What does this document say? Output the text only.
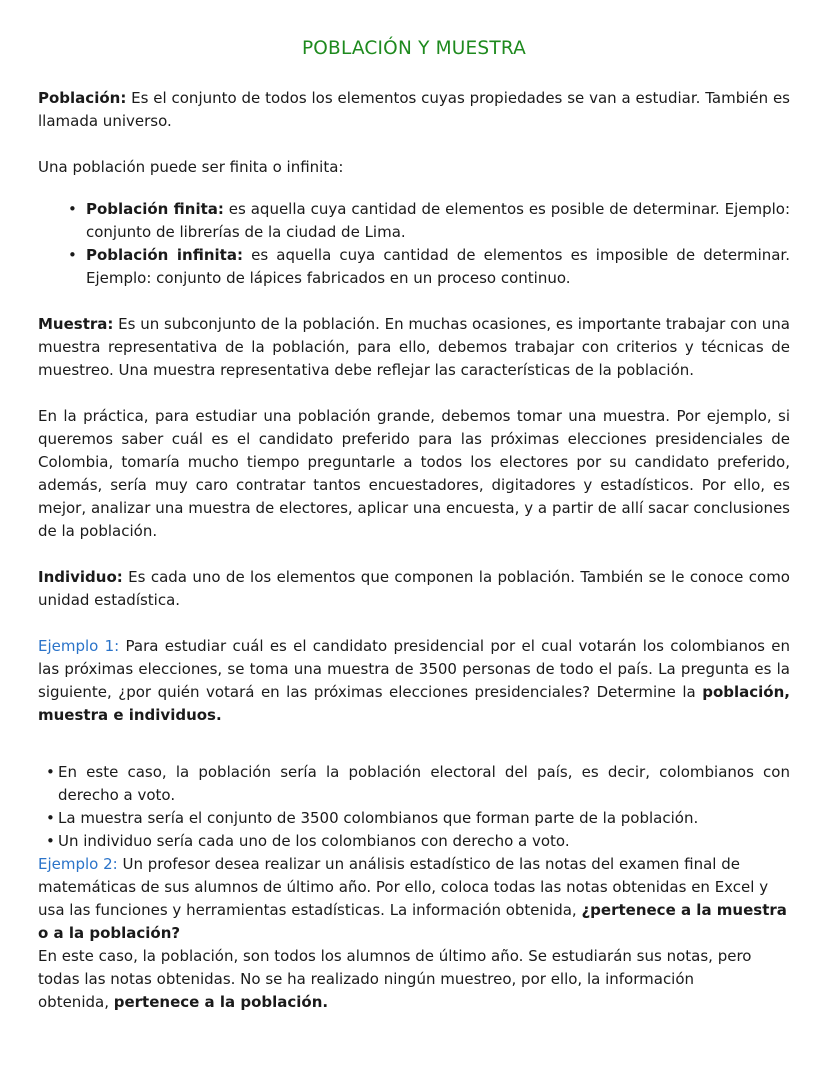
POBLACIÓN Y MUESTRA

Población: Es el conjunto de todos los elementos cuyas propiedades se van a estudiar. También es llamada universo.

Una población puede ser finita o infinita:

• Población finita: es aquella cuya cantidad de elementos es posible de determinar. Ejemplo: conjunto de librerías de la ciudad de Lima.
• Población infinita: es aquella cuya cantidad de elementos es imposible de determinar. Ejemplo: conjunto de lápices fabricados en un proceso continuo.

Muestra: Es un subconjunto de la población. En muchas ocasiones, es importante trabajar con una muestra representativa de la población, para ello, debemos trabajar con criterios y técnicas de muestreo. Una muestra representativa debe reflejar las características de la población.

En la práctica, para estudiar una población grande, debemos tomar una muestra. Por ejemplo, si queremos saber cuál es el candidato preferido para las próximas elecciones presidenciales de Colombia, tomaría mucho tiempo preguntarle a todos los electores por su candidato preferido, además, sería muy caro contratar tantos encuestadores, digitadores y estadísticos. Por ello, es mejor, analizar una muestra de electores, aplicar una encuesta, y a partir de allí sacar conclusiones de la población.

Individuo: Es cada uno de los elementos que componen la población. También se le conoce como unidad estadística.

Ejemplo 1: Para estudiar cuál es el candidato presidencial por el cual votarán los colombianos en las próximas elecciones, se toma una muestra de 3500 personas de todo el país. La pregunta es la siguiente, ¿por quién votará en las próximas elecciones presidenciales? Determine la población, muestra e individuos.

• En este caso, la población sería la población electoral del país, es decir, colombianos con derecho a voto.
• La muestra sería el conjunto de 3500 colombianos que forman parte de la población.
• Un individuo sería cada uno de los colombianos con derecho a voto.

Ejemplo 2: Un profesor desea realizar un análisis estadístico de las notas del examen final de matemáticas de sus alumnos de último año. Por ello, coloca todas las notas obtenidas en Excel y usa las funciones y herramientas estadísticas. La información obtenida, ¿pertenece a la muestra o a la población?

En este caso, la población, son todos los alumnos de último año. Se estudiarán sus notas, pero todas las notas obtenidas. No se ha realizado ningún muestreo, por ello, la información
obtenida, pertenece a la población.
